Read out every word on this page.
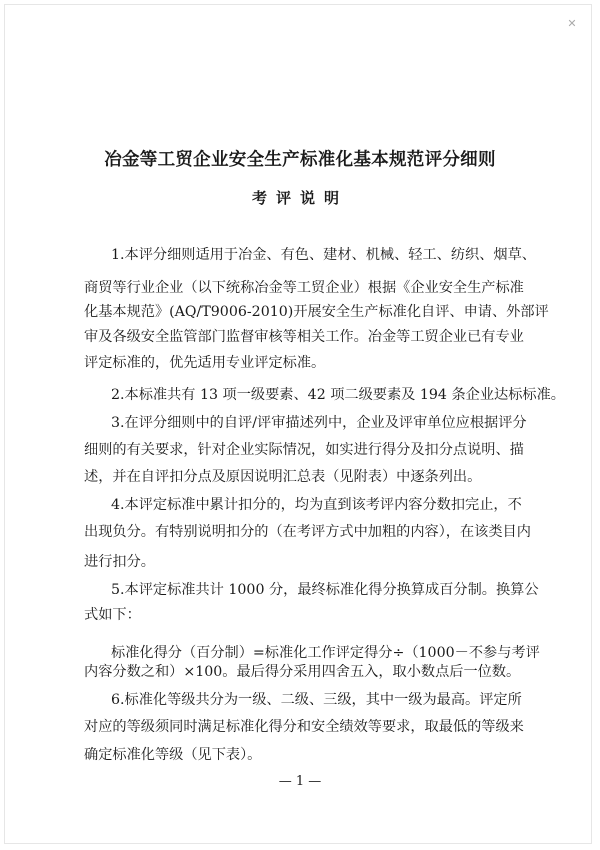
✕
冶金等工贸企业安全生产标准化基本规范评分细则
考评说明
1.本评分细则适用于冶金、有色、建材、机械、轻工、纺织、烟草、
商贸等行业企业（以下统称冶金等工贸企业）根据《企业安全生产标准
化基本规范》(AQ/T9006-2010)开展安全生产标准化自评、申请、外部评
审及各级安全监管部门监督审核等相关工作。冶金等工贸企业已有专业
评定标准的，优先适用专业评定标准。
2.本标准共有 13 项一级要素、42 项二级要素及 194 条企业达标标准。
3.在评分细则中的自评/评审描述列中，企业及评审单位应根据评分
细则的有关要求，针对企业实际情况，如实进行得分及扣分点说明、描
述，并在自评扣分点及原因说明汇总表（见附表）中逐条列出。
4.本评定标准中累计扣分的，均为直到该考评内容分数扣完止，不
出现负分。有特别说明扣分的（在考评方式中加粗的内容），在该类目内
进行扣分。
5.本评定标准共计 1000 分，最终标准化得分换算成百分制。换算公
式如下：
标准化得分（百分制）=标准化工作评定得分÷（1000－不参与考评
内容分数之和）×100。最后得分采用四舍五入，取小数点后一位数。
6.标准化等级共分为一级、二级、三级，其中一级为最高。评定所
对应的等级须同时满足标准化得分和安全绩效等要求，取最低的等级来
确定标准化等级（见下表）。
— 1 —
